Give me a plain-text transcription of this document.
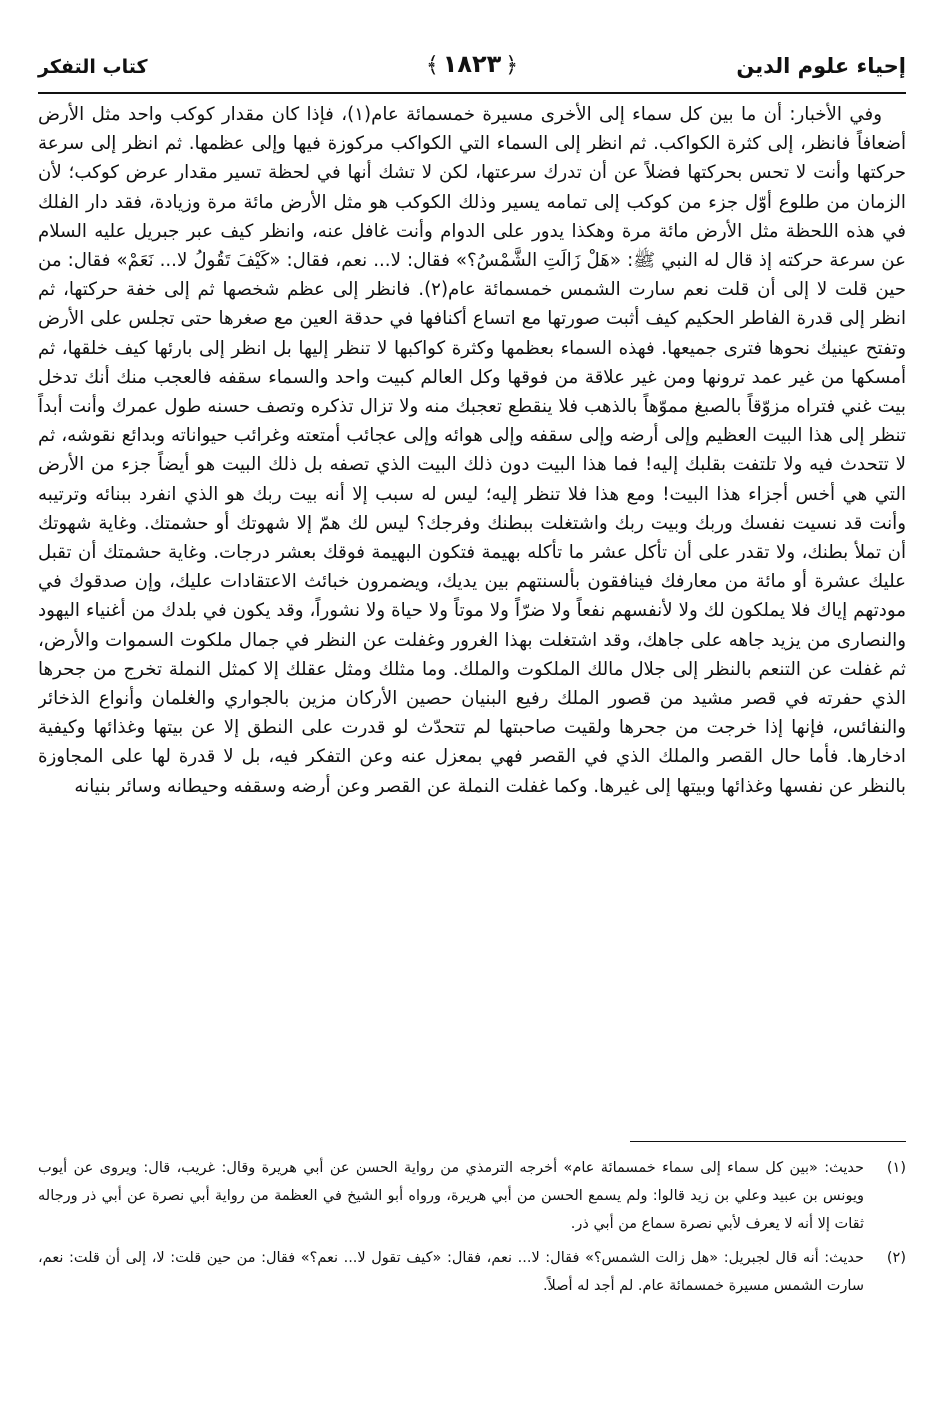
إحياء علوم الدين
﴿١٨٢٣﴾
كتاب التفكر

وفي الأخبار: أن ما بين كل سماء إلى الأخرى مسيرة خمسمائة عام(١)، فإذا كان مقدار كوكب واحد مثل الأرض أضعافاً فانظر، إلى كثرة الكواكب. ثم انظر إلى السماء التي الكواكب مركوزة فيها وإلى عظمها. ثم انظر إلى سرعة حركتها وأنت لا تحس بحركتها فضلاً عن أن تدرك سرعتها، لكن لا تشك أنها في لحظة تسير مقدار عرض كوكب؛ لأن الزمان من طلوع أوّل جزء من كوكب إلى تمامه يسير وذلك الكوكب هو مثل الأرض مائة مرة وزيادة، فقد دار الفلك في هذه اللحظة مثل الأرض مائة مرة وهكذا يدور على الدوام وأنت غافل عنه، وانظر كيف عبر جبريل عليه السلام عن سرعة حركته إذ قال له النبي ﷺ: «هَلْ زَالَتِ الشَّمْسُ؟» فقال: لا... نعم، فقال: «كَيْفَ تَقُولُ لا... نَعَمْ» فقال: من حين قلت لا إلى أن قلت نعم سارت الشمس خمسمائة عام(٢). فانظر إلى عظم شخصها ثم إلى خفة حركتها، ثم انظر إلى قدرة الفاطر الحكيم كيف أثبت صورتها مع اتساع أكنافها في حدقة العين مع صغرها حتى تجلس على الأرض وتفتح عينيك نحوها فترى جميعها. فهذه السماء بعظمها وكثرة كواكبها لا تنظر إليها بل انظر إلى بارئها كيف خلقها، ثم أمسكها من غير عمد ترونها ومن غير علاقة من فوقها وكل العالم كبيت واحد والسماء سقفه فالعجب منك أنك تدخل بيت غني فتراه مزوّقاً بالصبغ مموّهاً بالذهب فلا ينقطع تعجبك منه ولا تزال تذكره وتصف حسنه طول عمرك وأنت أبداً تنظر إلى هذا البيت العظيم وإلى أرضه وإلى سقفه وإلى هوائه وإلى عجائب أمتعته وغرائب حيواناته وبدائع نقوشه، ثم لا تتحدث فيه ولا تلتفت بقلبك إليه! فما هذا البيت دون ذلك البيت الذي تصفه بل ذلك البيت هو أيضاً جزء من الأرض التي هي أخس أجزاء هذا البيت! ومع هذا فلا تنظر إليه؛ ليس له سبب إلا أنه بيت ربك هو الذي انفرد ببنائه وترتيبه وأنت قد نسيت نفسك وربك وبيت ربك واشتغلت ببطنك وفرجك؟ ليس لك همّ إلا شهوتك أو حشمتك. وغاية شهوتك أن تملأ بطنك، ولا تقدر على أن تأكل عشر ما تأكله بهيمة فتكون البهيمة فوقك بعشر درجات. وغاية حشمتك أن تقبل عليك عشرة أو مائة من معارفك فينافقون بألسنتهم بين يديك، ويضمرون خبائث الاعتقادات عليك، وإن صدقوك في مودتهم إياك فلا يملكون لك ولا لأنفسهم نفعاً ولا ضرّاً ولا موتاً ولا حياة ولا نشوراً، وقد يكون في بلدك من أغنياء اليهود والنصارى من يزيد جاهه على جاهك، وقد اشتغلت بهذا الغرور وغفلت عن النظر في جمال ملكوت السموات والأرض، ثم غفلت عن التنعم بالنظر إلى جلال مالك الملكوت والملك. وما مثلك ومثل عقلك إلا كمثل النملة تخرج من جحرها الذي حفرته في قصر مشيد من قصور الملك رفيع البنيان حصين الأركان مزين بالجواري والغلمان وأنواع الذخائر والنفائس، فإنها إذا خرجت من جحرها ولقيت صاحبتها لم تتحدّث لو قدرت على النطق إلا عن بيتها وغذائها وكيفية ادخارها. فأما حال القصر والملك الذي في القصر فهي بمعزل عنه وعن التفكر فيه، بل لا قدرة لها على المجاوزة بالنظر عن نفسها وغذائها وبيتها إلى غيرها. وكما غفلت النملة عن القصر وعن أرضه وسقفه وحيطانه وسائر بنيانه

(١)
حديث: «بين كل سماء إلى سماء خمسمائة عام» أخرجه الترمذي من رواية الحسن عن أبي هريرة وقال: غريب، قال: ويروى عن أيوب ويونس بن عبيد وعلي بن زيد قالوا: ولم يسمع الحسن من أبي هريرة، ورواه أبو الشيخ في العظمة من رواية أبي نصرة عن أبي ذر ورجاله ثقات إلا أنه لا يعرف لأبي نصرة سماع من أبي ذر.
(٢)
حديث: أنه قال لجبريل: «هل زالت الشمس؟» فقال: لا... نعم، فقال: «كيف تقول لا... نعم؟» فقال: من حين قلت: لا، إلى أن قلت: نعم، سارت الشمس مسيرة خمسمائة عام. لم أجد له أصلاً.
